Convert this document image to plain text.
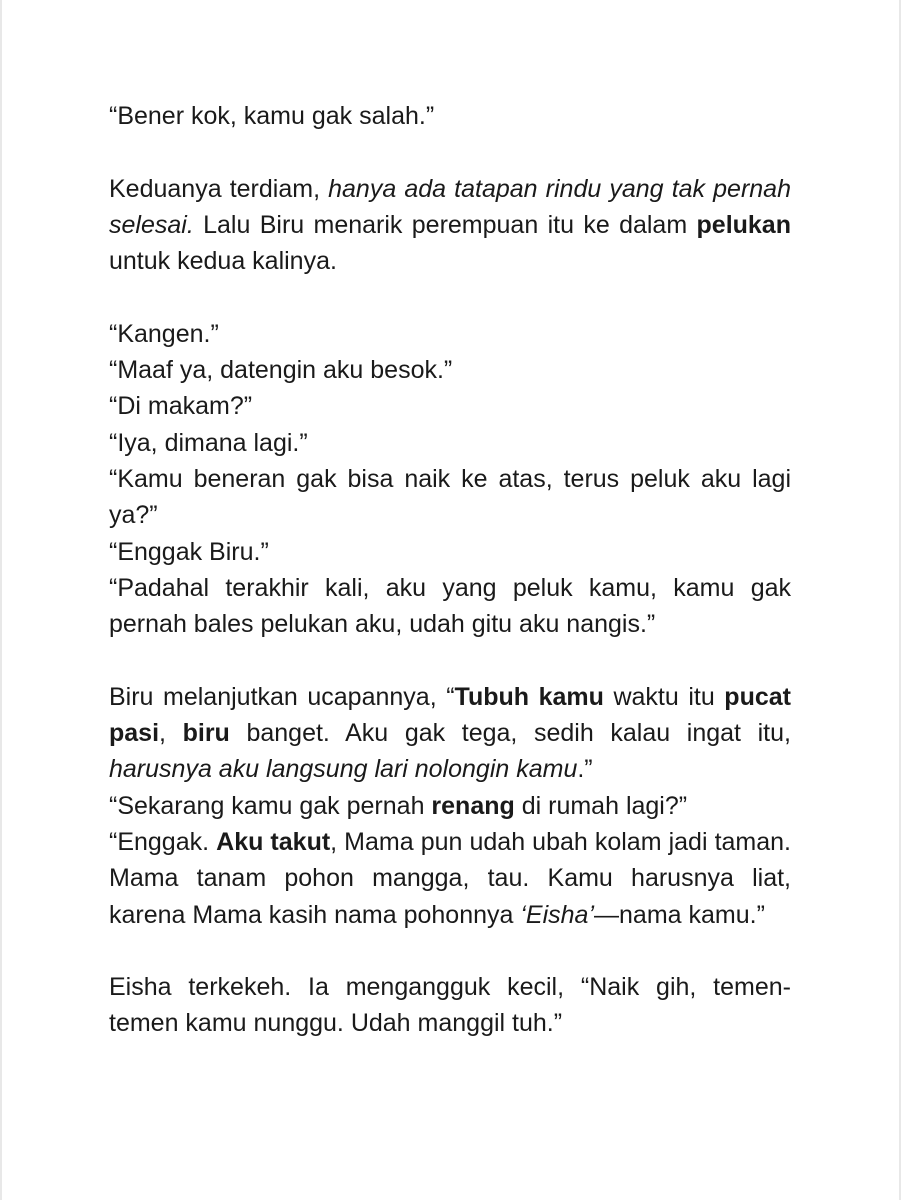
“Bener kok, kamu gak salah.”

Keduanya terdiam, hanya ada tatapan rindu yang tak pernah selesai. Lalu Biru menarik perempuan itu ke dalam pelukan untuk kedua kalinya.

“Kangen.”

“Maaf ya, datengin aku besok.”

“Di makam?”

“Iya, dimana lagi.”

“Kamu beneran gak bisa naik ke atas, terus peluk aku lagi ya?”

“Enggak Biru.”

“Padahal terakhir kali, aku yang peluk kamu, kamu gak pernah bales pelukan aku, udah gitu aku nangis.”

Biru melanjutkan ucapannya, “Tubuh kamu waktu itu pucat pasi, biru banget. Aku gak tega, sedih kalau ingat itu, harusnya aku langsung lari nolongin kamu.”

“Sekarang kamu gak pernah renang di rumah lagi?”

“Enggak. Aku takut, Mama pun udah ubah kolam jadi taman. Mama tanam pohon mangga, tau. Kamu harusnya liat, karena Mama kasih nama pohonnya ‘Eisha’—nama kamu.”

Eisha terkekeh. Ia mengangguk kecil, “Naik gih, temen-temen kamu nunggu. Udah manggil tuh.”
